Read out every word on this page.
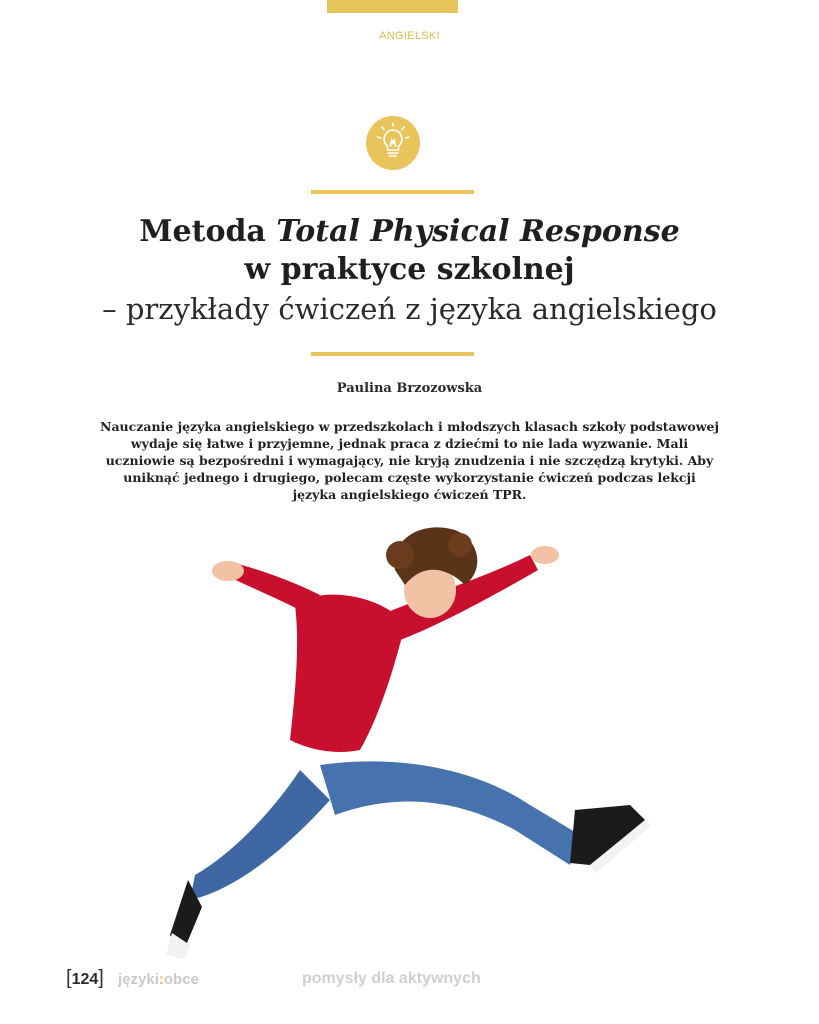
ANGIELSKI
Metoda Total Physical Response
w praktyce szkolnej
– przykłady ćwiczeń z języka angielskiego
Paulina Brzozowska
Nauczanie języka angielskiego w przedszkolach i młodszych klasach szkoły podstawowej wydaje się łatwe i przyjemne, jednak praca z dziećmi to nie lada wyzwanie. Mali uczniowie są bezpośredni i wymagający, nie kryją znudzenia i nie szczędzą krytyki. Aby uniknąć jednego i drugiego, polecam częste wykorzystanie ćwiczeń podczas lekcji języka angielskiego ćwiczeń TPR.
[124] języki:obce	pomysły dla aktywnych
